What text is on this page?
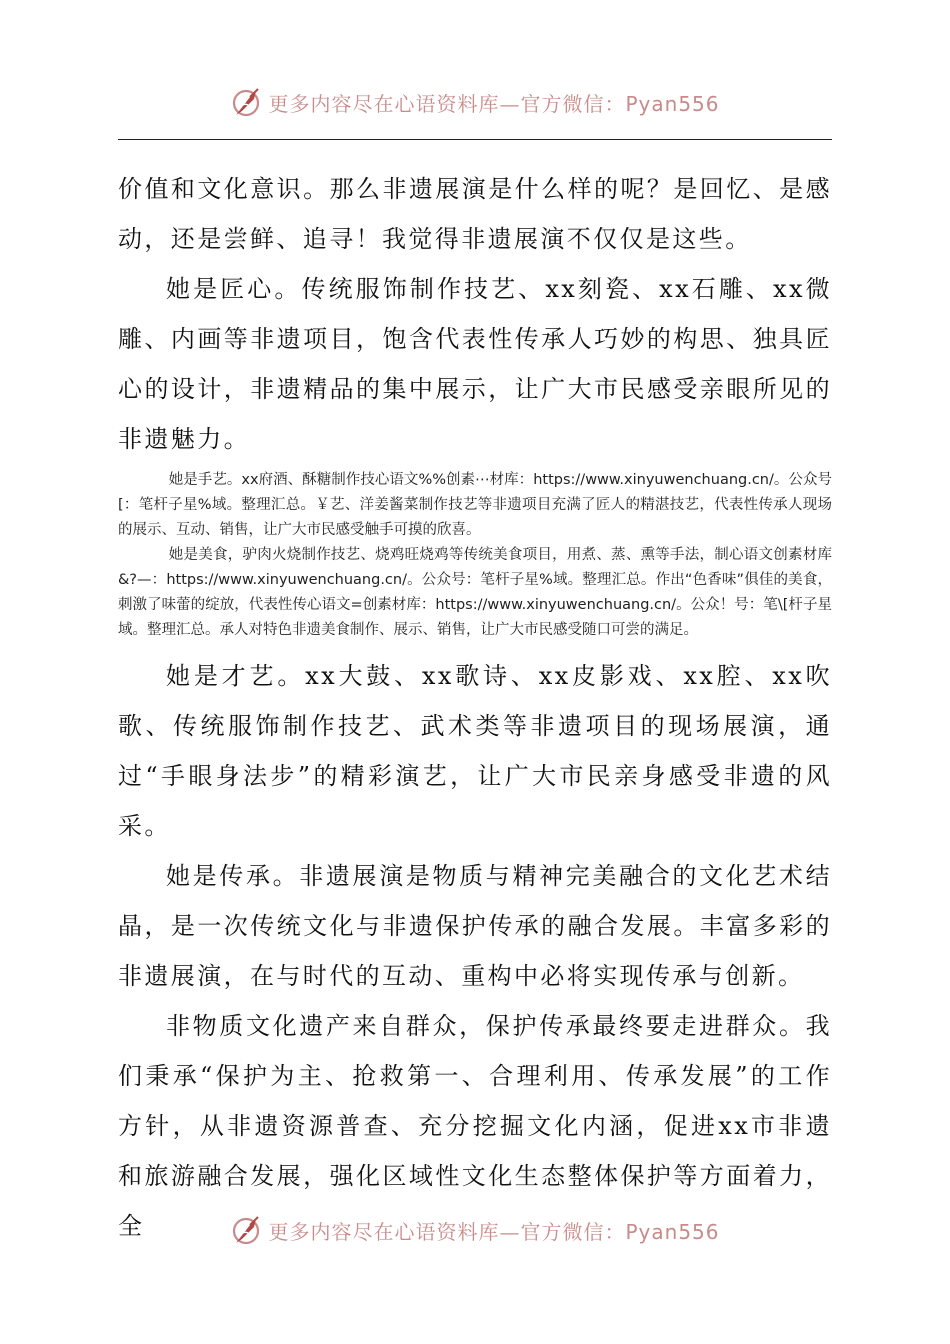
更多内容尽在心语资料库—官方微信：Pyan556

价值和文化意识。那么非遗展演是什么样的呢？是回忆、是感动，还是尝鲜、追寻！我觉得非遗展演不仅仅是这些。

她是匠心。传统服饰制作技艺、xx刻瓷、xx石雕、xx微雕、内画等非遗项目，饱含代表性传承人巧妙的构思、独具匠心的设计，非遗精品的集中展示，让广大市民感受亲眼所见的非遗魅力。

她是手艺。xx府酒、酥糖制作技心语文%%创素⋯材库：https://www.xinyuwenchuang.cn/。公众号[：笔杆子星%域。整理汇总。￥艺、洋姜酱菜制作技艺等非遗项目充满了匠人的精湛技艺，代表性传承人现场的展示、互动、销售，让广大市民感受触手可摸的欣喜。

她是美食，驴肉火烧制作技艺、烧鸡旺烧鸡等传统美食项目，用煮、蒸、熏等手法，制心语文创素材库&?—：https://www.xinyuwenchuang.cn/。公众号：笔杆子星%域。整理汇总。作出“色香味”俱佳的美食，刺激了味蕾的绽放，代表性传心语文=创素材库：https://www.xinyuwenchuang.cn/。公众！号：笔\[杆子星域。整理汇总。承人对特色非遗美食制作、展示、销售，让广大市民感受随口可尝的满足。

她是才艺。xx大鼓、xx歌诗、xx皮影戏、xx腔、xx吹歌、传统服饰制作技艺、武术类等非遗项目的现场展演，通过“手眼身法步”的精彩演艺，让广大市民亲身感受非遗的风采。

她是传承。非遗展演是物质与精神完美融合的文化艺术结晶，是一次传统文化与非遗保护传承的融合发展。丰富多彩的非遗展演，在与时代的互动、重构中必将实现传承与创新。

非物质文化遗产来自群众，保护传承最终要走进群众。我们秉承“保护为主、抢救第一、合理利用、传承发展”的工作方针，从非遗资源普查、充分挖掘文化内涵，促进xx市非遗和旅游融合发展，强化区域性文化生态整体保护等方面着力，全	更多内容尽在心语资料库—官方微信：Pyan556
